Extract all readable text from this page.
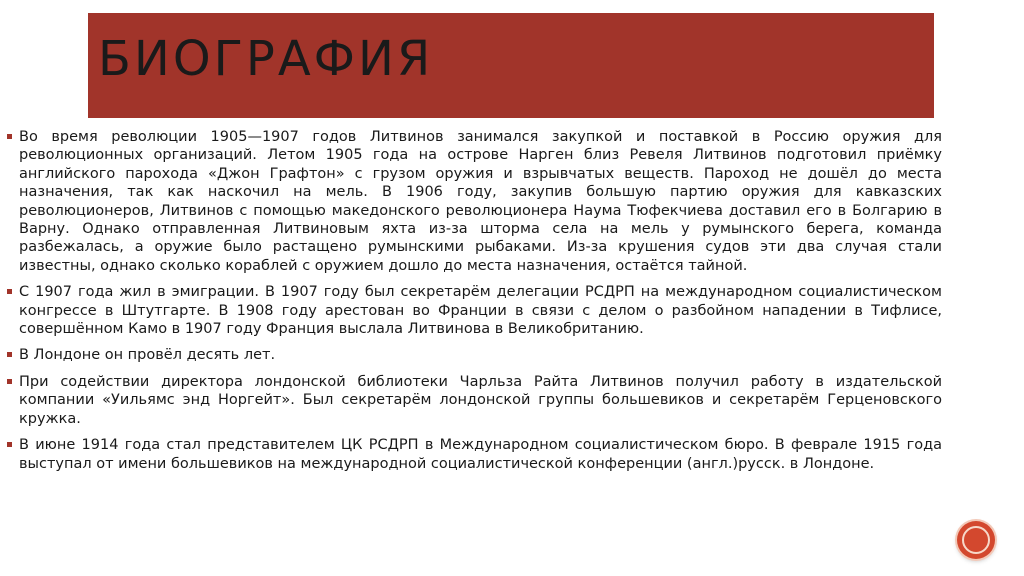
БИОГРАФИЯ
Во время революции 1905—1907 годов Литвинов занимался закупкой и поставкой в Россию оружия для революционных организаций. Летом 1905 года на острове Нарген близ Ревеля Литвинов подготовил приёмку английского парохода «Джон Графтон» с грузом оружия и взрывчатых веществ. Пароход не дошёл до места назначения, так как наскочил на мель. В 1906 году, закупив большую партию оружия для кавказских революционеров, Литвинов с помощью македонского революционера Наума Тюфекчиева доставил его в Болгарию в Варну. Однако отправленная Литвиновым яхта из-за шторма села на мель у румынского берега, команда разбежалась, а оружие было растащено румынскими рыбаками. Из-за крушения судов эти два случая стали известны, однако сколько кораблей с оружием дошло до места назначения, остаётся тайной.
С 1907 года жил в эмиграции. В 1907 году был секретарём делегации РСДРП на международном социалистическом конгрессе в Штутгарте. В 1908 году арестован во Франции в связи с делом о разбойном нападении в Тифлисе, совершённом Камо в 1907 году Франция выслала Литвинова в Великобританию.
В Лондоне он провёл десять лет.
При содействии директора лондонской библиотеки Чарльза Райта Литвинов получил работу в издательской компании «Уильямс энд Норгейт». Был секретарём лондонской группы большевиков и секретарём Герценовского кружка.
В июне 1914 года стал представителем ЦК РСДРП в Международном социалистическом бюро. В феврале 1915 года выступал от имени большевиков на международной социалистической конференции (англ.)русск. в Лондоне.
